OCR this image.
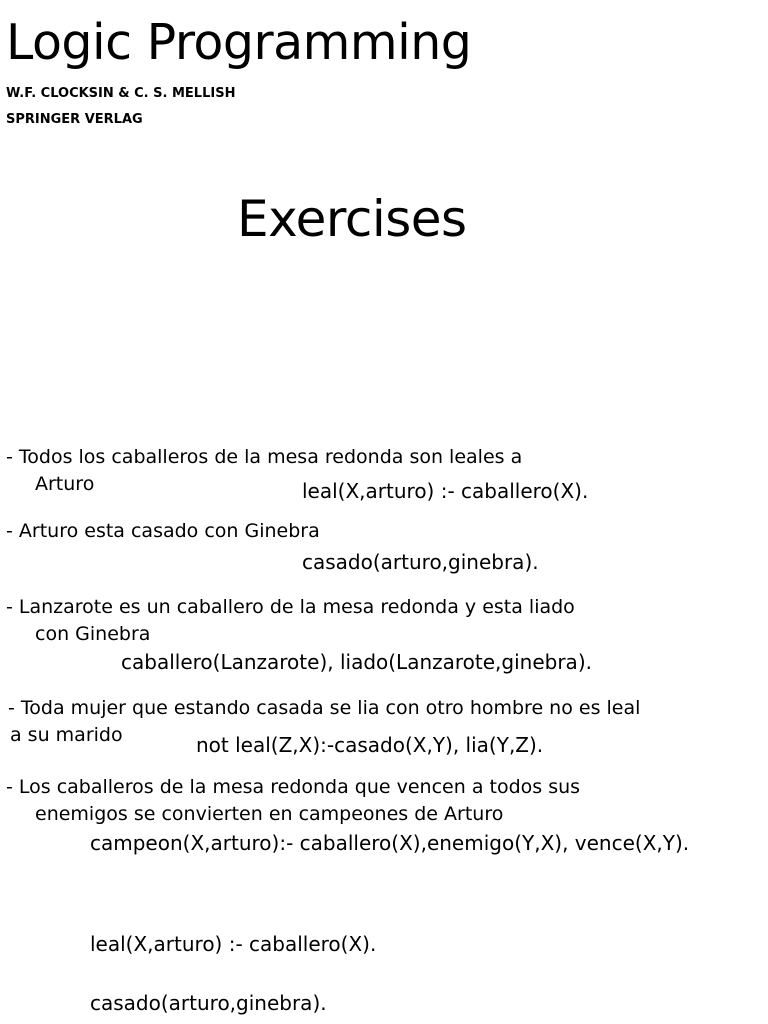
Logic Programming
W.F. CLOCKSIN & C. S. MELLISH
SPRINGER VERLAG
Exercises
- Todos los caballeros de la mesa redonda son leales a
Arturo	leal(X,arturo) :- caballero(X).
- Arturo esta casado con Ginebra
casado(arturo,ginebra).
- Lanzarote es un caballero de la mesa redonda y esta liado
con Ginebra
caballero(Lanzarote), liado(Lanzarote,ginebra).
- Toda mujer que estando casada se lia con otro hombre no es leal
a su marido	not leal(Z,X):-casado(X,Y), lia(Y,Z).
- Los caballeros de la mesa redonda que vencen a todos sus
enemigos se convierten en campeones de Arturo
campeon(X,arturo):- caballero(X),enemigo(Y,X), vence(X,Y).
leal(X,arturo) :- caballero(X).
casado(arturo,ginebra).
